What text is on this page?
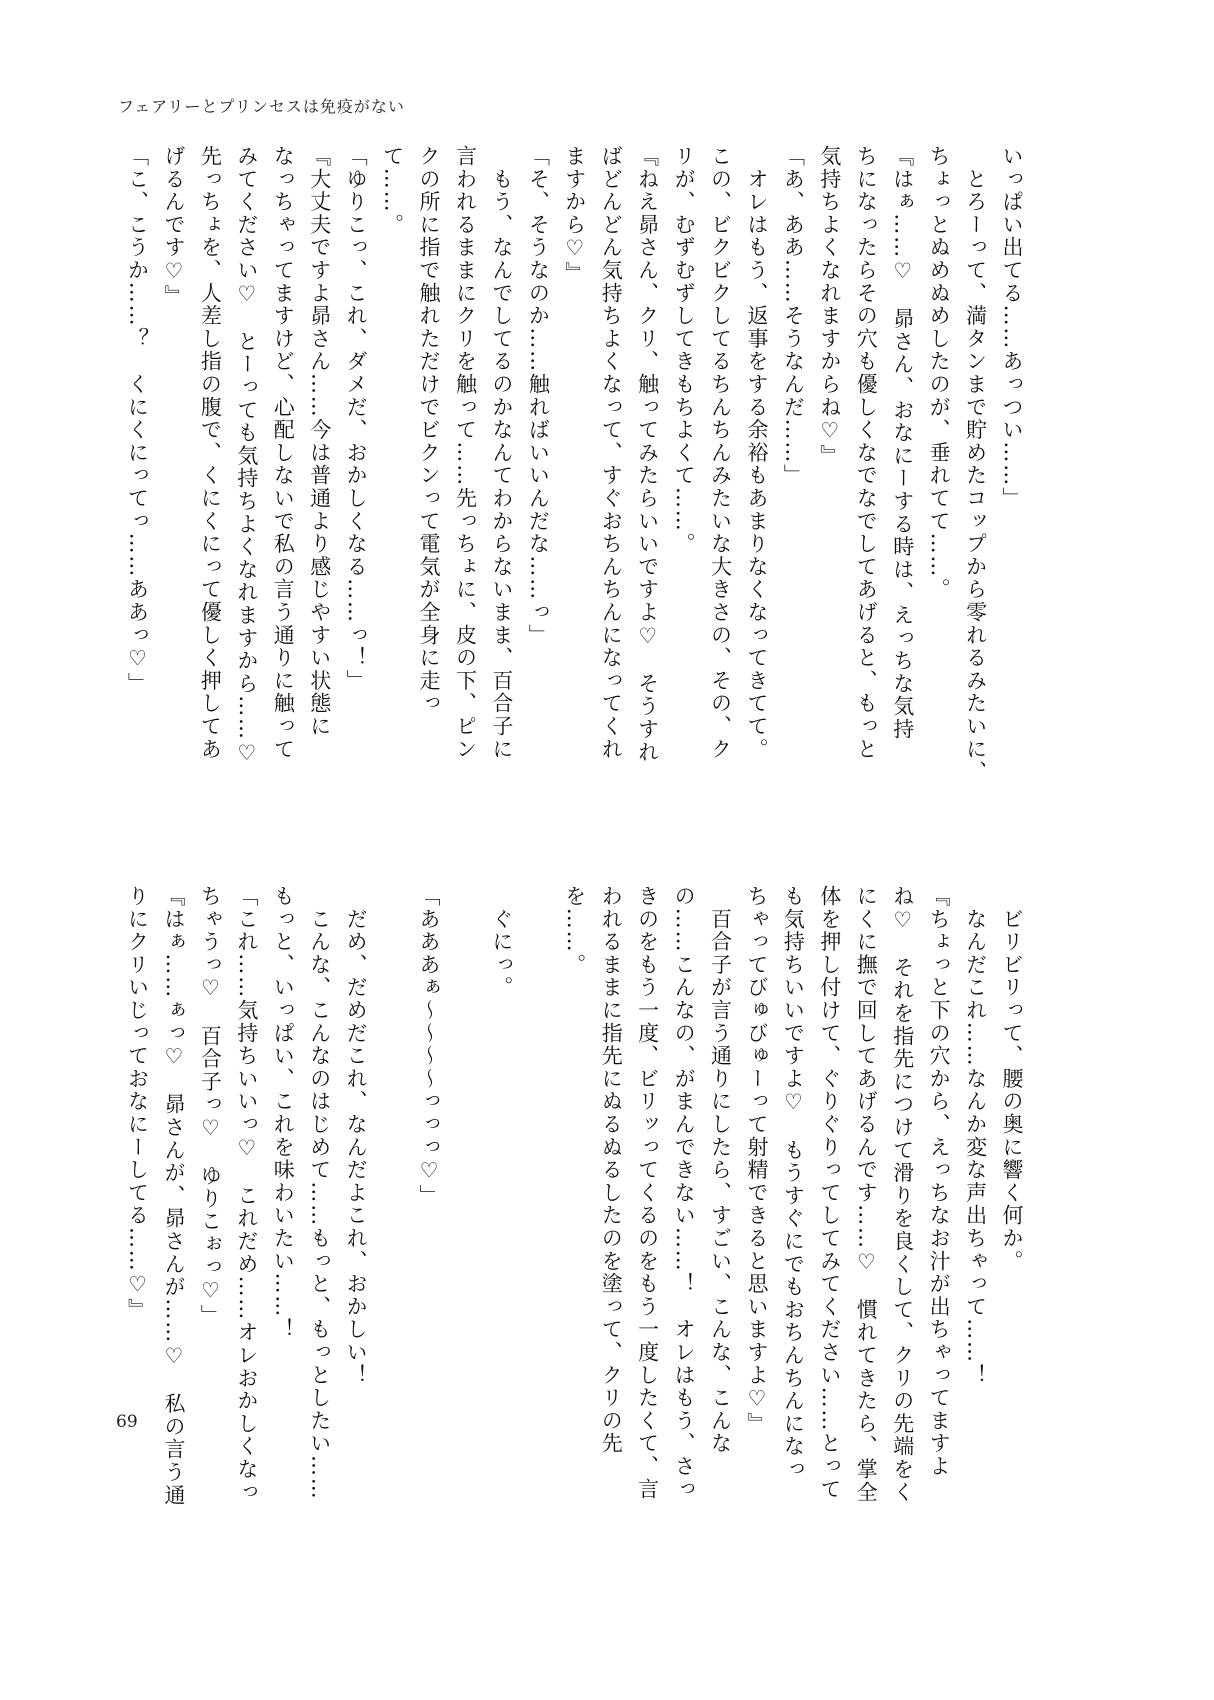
フェアリーとプリンセスは免疫がない
いっぱい出てる……あっつい……」
　とろーって、満タンまで貯めたコップから零れるみたいに、
ちょっとぬめぬめしたのが、垂れてて……。
『はぁ……♡　昴さん、おなにーする時は、えっちな気持
ちになったらその穴も優しくなでなでしてあげると、もっと
気持ちよくなれますからね♡』
「あ、ああ……そうなんだ……」
　オレはもう、返事をする余裕もあまりなくなってきてて。
この、ビクビクしてるちんちんみたいな大きさの、その、ク
リが、むずむずしてきもちよくて……。
『ねえ昴さん、クリ、触ってみたらいいですよ♡　そうすれ
ばどんどん気持ちよくなって、すぐおちんちんになってくれ
ますから♡』
「そ、そうなのか……触ればいいんだな……っ」
　もう、なんでしてるのかなんてわからないまま、百合子に
言われるままにクリを触って……先っちょに、皮の下、ピン
クの所に指で触れただけでビクンって電気が全身に走っ
て……。
「ゆりこっ、これ、ダメだ、おかしくなる……っ！」
『大丈夫ですよ昴さん……今は普通より感じやすい状態に
なっちゃってますけど、心配しないで私の言う通りに触って
みてください♡　とーっても気持ちよくなれますから……♡
先っちょを、人差し指の腹で、くにくにって優しく押してあ
げるんです♡』
「こ、こうか……？　くにくにってっ……ああっ♡」
　ビリビリって、腰の奥に響く何か。
　なんだこれ……なんか変な声出ちゃって……！
『ちょっと下の穴から、えっちなお汁が出ちゃってますよ
ね♡　それを指先につけて滑りを良くして、クリの先端をく
にくに撫で回してあげるんです……♡　慣れてきたら、掌全
体を押し付けて、ぐりぐりってしてみてください……とって
も気持ちいいですよ♡　もうすぐにでもおちんちんになっ
ちゃってびゅびゅーって射精できると思いますよ♡』
　百合子が言う通りにしたら、すごい、こんな、こんな
の……こんなの、がまんできない……！　オレはもう、さっ
きのをもう一度、ビリッってくるのをもう一度したくて、言
われるままに指先にぬるぬるしたのを塗って、クリの先
を……。
　ぐにっ。
「あああぁ～～～～っっっ♡」
　だめ、だめだこれ、なんだよこれ、おかしい！
　こんな、こんなのはじめて……もっと、もっとしたい……
もっと、いっぱい、これを味わいたい……！
「これ……気持ちいいっ♡　これだめ……オレおかしくなっ
ちゃうっ♡　百合子っ♡　ゆりこぉっ♡」
『はぁ……ぁっ♡　昴さんが、昴さんが……♡　私の言う通
りにクリいじっておなにーしてる……♡』
69
